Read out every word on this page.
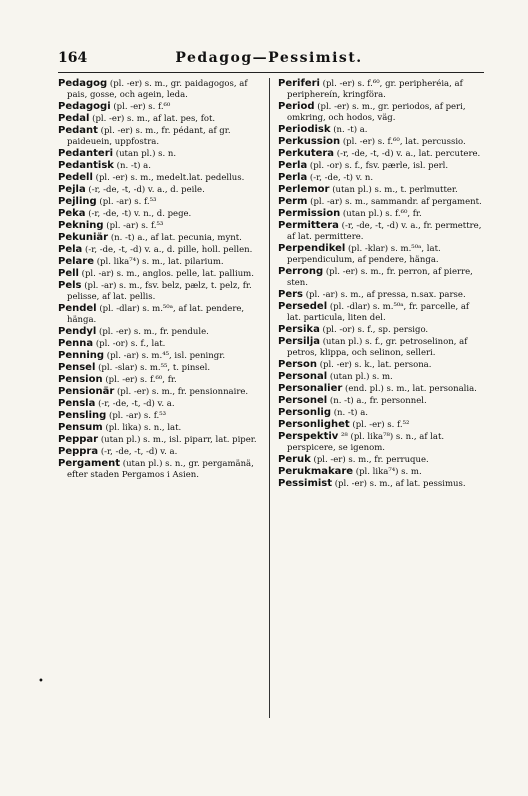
164	Pedagog—Pessimist.

Pedagog (pl. -er) s. m., gr. paidagogos, af pais, gosse, och agein, leda.

Pedagogi (pl. -er) s. f.⁶⁰

Pedal (pl. -er) s. m., af lat. pes, fot.

Pedant (pl. -er) s. m., fr. pédant, af gr. paideuein, uppfostra.

Pedanteri (utan pl.) s. n.

Pedantisk (n. -t) a.

Pedell (pl. -er) s. m., medelt.lat. pedellus.

Pejla (-r, -de, -t, -d) v. a., d. peile.

Pejling (pl. -ar) s. f.⁵³

Peka (-r, -de, -t) v. n., d. pege.

Pekning (pl. -ar) s. f.⁵³

Pekuniär (n. -t) a., af lat. pecunia, mynt.

Pela (-r, -de, -t, -d) v. a., d. pille, holl. pellen.

Pelare (pl. lika⁷⁴) s. m., lat. pilarium.

Pell (pl. -ar) s. m., anglos. pelle, lat. pallium.

Pels (pl. -ar) s. m., fsv. belz, pælz, t. pelz, fr. pelisse, af lat. pellis.

Pendel (pl. -dlar) s. m.⁵⁰ᵃ, af lat. pendere, hänga.

Pendyl (pl. -er) s. m., fr. pendule.

Penna (pl. -or) s. f., lat.

Penning (pl. -ar) s. m.⁴⁵, isl. peningr.

Pensel (pl. -slar) s. m.⁵⁵, t. pinsel.

Pension (pl. -er) s. f.⁶⁰, fr.

Pensionär (pl. -er) s. m., fr. pensionnaire.

Pensla (-r, -de, -t, -d) v. a.

Pensling (pl. -ar) s. f.⁵³

Pensum (pl. lika) s. n., lat.

Peppar (utan pl.) s. m., isl. piparr, lat. piper.

Peppra (-r, -de, -t, -d) v. a.

Pergament (utan pl.) s. n., gr. pergamänä, efter staden Pergamos i Asien.

Periferi (pl. -er) s. f.⁶⁰, gr. peripheréia, af periphereín, kringföra.

Period (pl. -er) s. m., gr. periodos, af peri, omkring, och hodos, väg.

Periodisk (n. -t) a.

Perkussion (pl. -er) s. f.⁶⁰, lat. percussio.

Perkutera (-r, -de, -t, -d) v. a., lat. percutere.

Perla (pl. -or) s. f., fsv. pærle, isl. perl.

Perla (-r, -de, -t) v. n.

Perlemor (utan pl.) s. m., t. perlmutter.

Perm (pl. -ar) s. m., sammandr. af pergament.

Permission (utan pl.) s. f.⁶⁰, fr.

Permittera (-r, -de, -t, -d) v. a., fr. permettre, af lat. permittere.

Perpendikel (pl. -klar) s. m.⁵⁰ᵃ, lat. perpendiculum, af pendere, hänga.

Perrong (pl. -er) s. m., fr. perron, af pierre, sten.

Pers (pl. -ar) s. m., af pressa, n.sax. parse.

Persedel (pl. -dlar) s. m.⁵⁰ᵃ, fr. parcelle, af lat. particula, liten del.

Persika (pl. -or) s. f., sp. persigo.

Persilja (utan pl.) s. f., gr. petroselinon, af petros, klippa, och selinon, selleri.

Person (pl. -er) s. k., lat. persona.

Personal (utan pl.) s. m.

Personalier (end. pl.) s. m., lat. personalia.

Personel (n. -t) a., fr. personnel.

Personlig (n. -t) a.

Personlighet (pl. -er) s. f.⁵²

Perspektiv ²⁸ (pl. lika⁷⁸) s. n., af lat. perspicere, se igenom.

Peruk (pl. -er) s. m., fr. perruque.

Perukmakare (pl. lika⁷⁴) s. m.

Pessimist (pl. -er) s. m., af lat. pessimus.

•
